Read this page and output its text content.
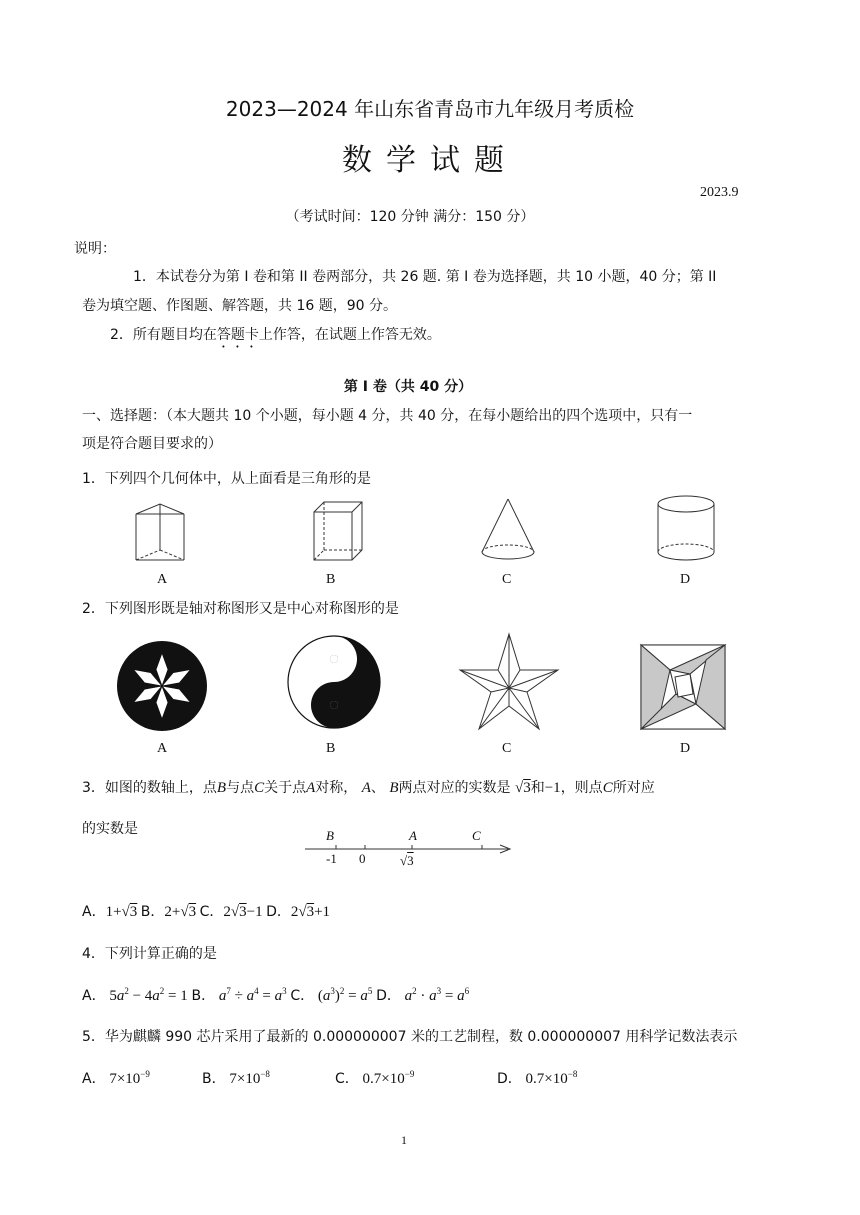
2023—2024 年山东省青岛市九年级月考质检
数学试题
2023.9
（考试时间：120 分钟 满分：150 分）
说明：
1．本试卷分为第 I 卷和第 II 卷两部分，共 26 题. 第 I 卷为选择题，共 10 小题，40 分；第 II
卷为填空题、作图题、解答题，共 16 题，90 分。
2．所有题目均在答题卡上作答，在试题上作答无效。
第 I 卷（共 40 分）
一、选择题：（本大题共 10 个小题，每小题 4 分，共 40 分，在每小题给出的四个选项中，只有一
项是符合题目要求的）
1．下列四个几何体中，从上面看是三角形的是
A	B	C	D
2．下列图形既是轴对称图形又是中心对称图形的是
A	B	C	D
3．如图的数轴上，点B与点C关于点A对称， A、 B两点对应的实数是 √3和−1，则点C所对应
的实数是	B	A	C
-1 0	√3
A．1+√3 B．2+√3 C．2√3−1 D．2√3+1
4．下列计算正确的是
A． $5a^2 - 4a^2 = 1$ B． $a^7 \div a^4 = a^3$ C． $(a^3)^2 = a^5$ D． $a^2 \cdot a^3 = a^6$
5．华为麒麟 990 芯片采用了最新的 0.000000007 米的工艺制程，数 0.000000007 用科学记数法表示
A． $7\times 10^{-9}$	B． $7\times 10^{-8}$	C． $0.7\times 10^{-9}$	D． $0.7\times 10^{-8}$
1
